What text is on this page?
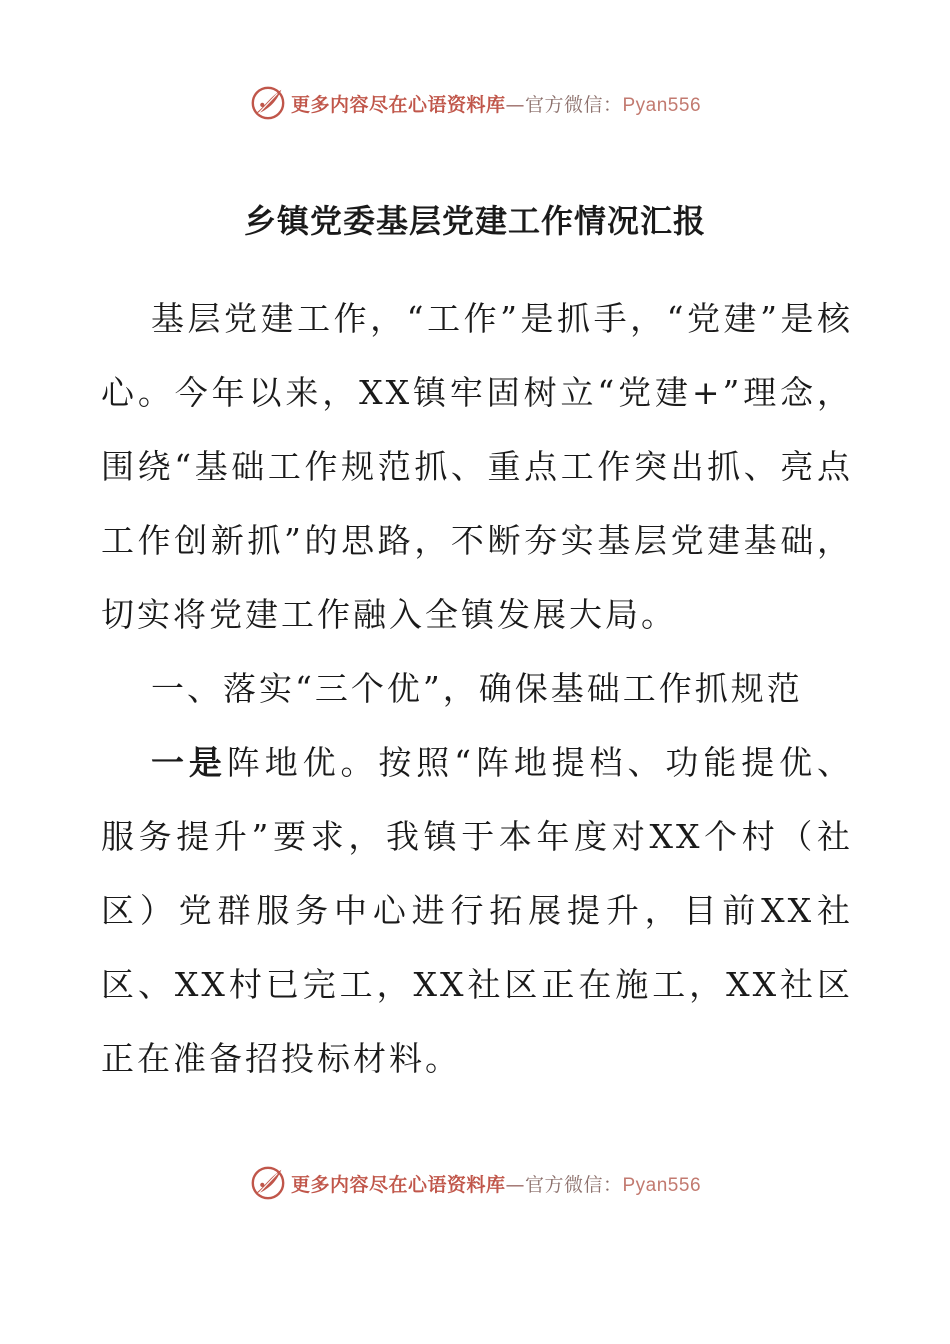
更多内容尽在心语资料库—官方微信：Pyan556
乡镇党委基层党建工作情况汇报

基层党建工作，“工作”是抓手，“党建”是核心。今年以来，XX镇牢固树立“党建+”理念，围绕“基础工作规范抓、重点工作突出抓、亮点工作创新抓”的思路，不断夯实基层党建基础，切实将党建工作融入全镇发展大局。

一、落实“三个优”，确保基础工作抓规范

一是阵地优。按照“阵地提档、功能提优、服务提升”要求，我镇于本年度对XX个村（社区）党群服务中心进行拓展提升，目前XX社区、XX村已完工，XX社区正在施工，XX社区正在准备招投标材料。

更多内容尽在心语资料库—官方微信：Pyan556
